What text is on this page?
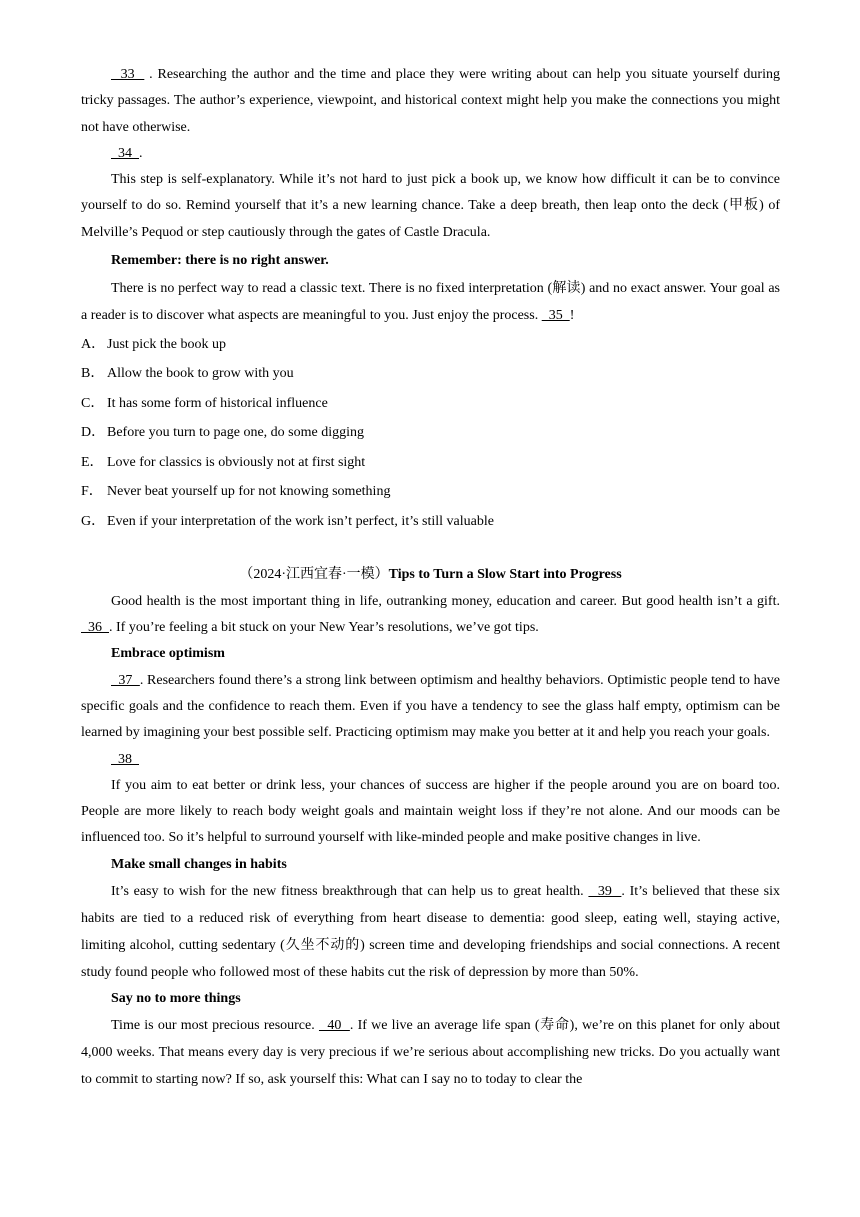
33   . Researching the author and the time and place they were writing about can help you situate yourself during tricky passages. The author’s experience, viewpoint, and historical context might help you make the connections you might not have otherwise.

34  .

This step is self-explanatory. While it’s not hard to just pick a book up, we know how difficult it can be to convince yourself to do so. Remind yourself that it’s a new learning chance. Take a deep breath, then leap onto the deck (甲板) of Melville’s Pequod or step cautiously through the gates of Castle Dracula.

Remember: there is no right answer.

There is no perfect way to read a classic text. There is no fixed interpretation (解读) and no exact answer. Your goal as a reader is to discover what aspects are meaningful to you. Just enjoy the process.   35  !

A． Just pick the book up

B． Allow the book to grow with you

C． It has some form of historical influence

D． Before you turn to page one, do some digging

E． Love for classics is obviously not at first sight

F． Never beat yourself up for not knowing something

G． Even if your interpretation of the work isn’t perfect, it’s still valuable

（2024·江西宜春·一模）Tips to Turn a Slow Start into Progress

Good health is the most important thing in life, outranking money, education and career. But good health isn’t a gift.   36  . If you’re feeling a bit stuck on your New Year’s resolutions, we’ve got tips.

Embrace optimism

37  . Researchers found there’s a strong link between optimism and healthy behaviors. Optimistic people tend to have specific goals and the confidence to reach them. Even if you have a tendency to see the glass half empty, optimism can be learned by imagining your best possible self. Practicing optimism may make you better at it and help you reach your goals.

38

If you aim to eat better or drink less, your chances of success are higher if the people around you are on board too. People are more likely to reach body weight goals and maintain weight loss if they’re not alone. And our moods can be influenced too. So it’s helpful to surround yourself with like-minded people and make positive changes in live.

Make small changes in habits

It’s easy to wish for the new fitness breakthrough that can help us to great health.   39  . It’s believed that these six habits are tied to a reduced risk of everything from heart disease to dementia: good sleep, eating well, staying active, limiting alcohol, cutting sedentary (久坐不动的) screen time and developing friendships and social connections. A recent study found people who followed most of these habits cut the risk of depression by more than 50%.

Say no to more things

Time is our most precious resource.   40  . If we live an average life span (寿命), we’re on this planet for only about 4,000 weeks. That means every day is very precious if we’re serious about accomplishing new tricks. Do you actually want to commit to starting now? If so, ask yourself this: What can I say no to today to clear the
